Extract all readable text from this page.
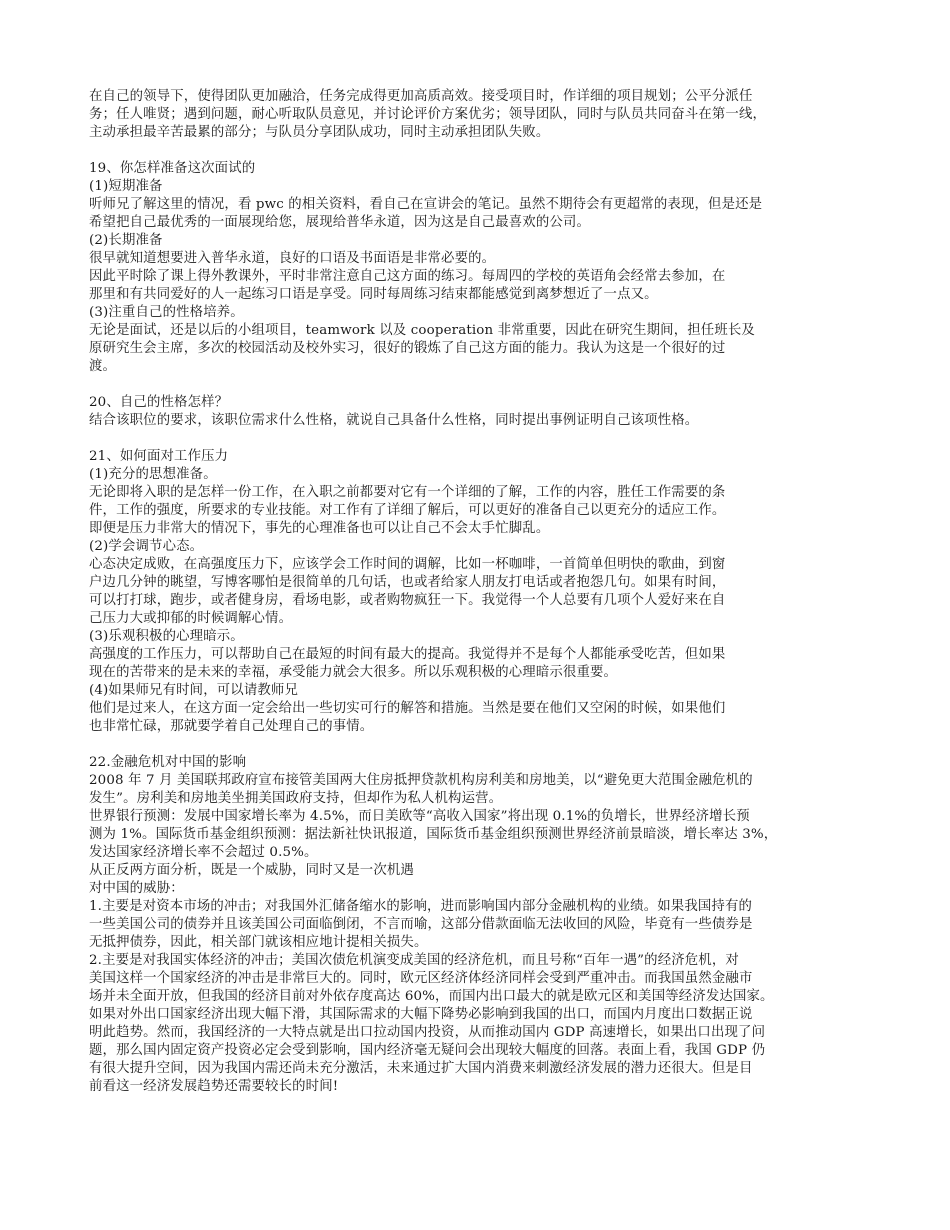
在自己的领导下，使得团队更加融洽，任务完成得更加高质高效。接受项目时，作详细的项目规划；公平分派任
务；任人唯贤；遇到问题，耐心听取队员意见，并讨论评价方案优劣；领导团队，同时与队员共同奋斗在第一线，
主动承担最辛苦最累的部分；与队员分享团队成功，同时主动承担团队失败。
19、你怎样准备这次面试的
(1)短期准备
听师兄了解这里的情况，看 pwc 的相关资料，看自己在宣讲会的笔记。虽然不期待会有更超常的表现，但是还是
希望把自己最优秀的一面展现给您，展现给普华永道，因为这是自己最喜欢的公司。
(2)长期准备
很早就知道想要进入普华永道，良好的口语及书面语是非常必要的。
因此平时除了课上得外教课外，平时非常注意自己这方面的练习。每周四的学校的英语角会经常去参加，在
那里和有共同爱好的人一起练习口语是享受。同时每周练习结束都能感觉到离梦想近了一点又。
(3)注重自己的性格培养。
无论是面试，还是以后的小组项目，teamwork 以及 cooperation 非常重要，因此在研究生期间，担任班长及
原研究生会主席，多次的校园活动及校外实习，很好的锻炼了自己这方面的能力。我认为这是一个很好的过
渡。
20、自己的性格怎样？
结合该职位的要求，该职位需求什么性格，就说自己具备什么性格，同时提出事例证明自己该项性格。
21、如何面对工作压力
(1)充分的思想准备。
无论即将入职的是怎样一份工作，在入职之前都要对它有一个详细的了解，工作的内容，胜任工作需要的条
件，工作的强度，所要求的专业技能。对工作有了详细了解后，可以更好的准备自己以更充分的适应工作。
即便是压力非常大的情况下，事先的心理准备也可以让自己不会太手忙脚乱。
(2)学会调节心态。
心态决定成败，在高强度压力下，应该学会工作时间的调解，比如一杯咖啡，一首简单但明快的歌曲，到窗
户边几分钟的眺望，写博客哪怕是很简单的几句话，也或者给家人朋友打电话或者抱怨几句。如果有时间，
可以打打球，跑步，或者健身房，看场电影，或者购物疯狂一下。我觉得一个人总要有几项个人爱好来在自
己压力大或抑郁的时候调解心情。
(3)乐观积极的心理暗示。
高强度的工作压力，可以帮助自己在最短的时间有最大的提高。我觉得并不是每个人都能承受吃苦，但如果
现在的苦带来的是未来的幸福，承受能力就会大很多。所以乐观积极的心理暗示很重要。
(4)如果师兄有时间，可以请教师兄
他们是过来人，在这方面一定会给出一些切实可行的解答和措施。当然是要在他们又空闲的时候，如果他们
也非常忙碌，那就要学着自己处理自己的事情。
22.金融危机对中国的影响
2008 年 7 月 美国联邦政府宣布接管美国两大住房抵押贷款机构房利美和房地美，以“避免更大范围金融危机的
发生”。房利美和房地美坐拥美国政府支持，但却作为私人机构运营。
世界银行预测：发展中国家增长率为 4.5%，而日美欧等“高收入国家”将出现 0.1%的负增长，世界经济增长预
测为 1%。国际货币基金组织预测：据法新社快讯报道，国际货币基金组织预测世界经济前景暗淡，增长率达 3%，
发达国家经济增长率不会超过 0.5%。
从正反两方面分析，既是一个威胁，同时又是一次机遇
对中国的威胁：
1.主要是对资本市场的冲击；对我国外汇储备缩水的影响，进而影响国内部分金融机构的业绩。如果我国持有的
一些美国公司的债券并且该美国公司面临倒闭，不言而喻，这部分借款面临无法收回的风险，毕竟有一些债券是
无抵押债券，因此，相关部门就该相应地计提相关损失。
2.主要是对我国实体经济的冲击；美国次债危机演变成美国的经济危机，而且号称“百年一遇”的经济危机，对
美国这样一个国家经济的冲击是非常巨大的。同时，欧元区经济体经济同样会受到严重冲击。而我国虽然金融市
场并未全面开放，但我国的经济目前对外依存度高达 60%，而国内出口最大的就是欧元区和美国等经济发达国家。
如果对外出口国家经济出现大幅下滑，其国际需求的大幅下降势必影响到我国的出口，而国内月度出口数据正说
明此趋势。然而，我国经济的一大特点就是出口拉动国内投资，从而推动国内 GDP 高速增长，如果出口出现了问
题，那么国内固定资产投资必定会受到影响，国内经济毫无疑问会出现较大幅度的回落。表面上看，我国 GDP 仍
有很大提升空间，因为我国内需还尚未充分激活，未来通过扩大国内消费来刺激经济发展的潜力还很大。但是目
前看这一经济发展趋势还需要较长的时间!
